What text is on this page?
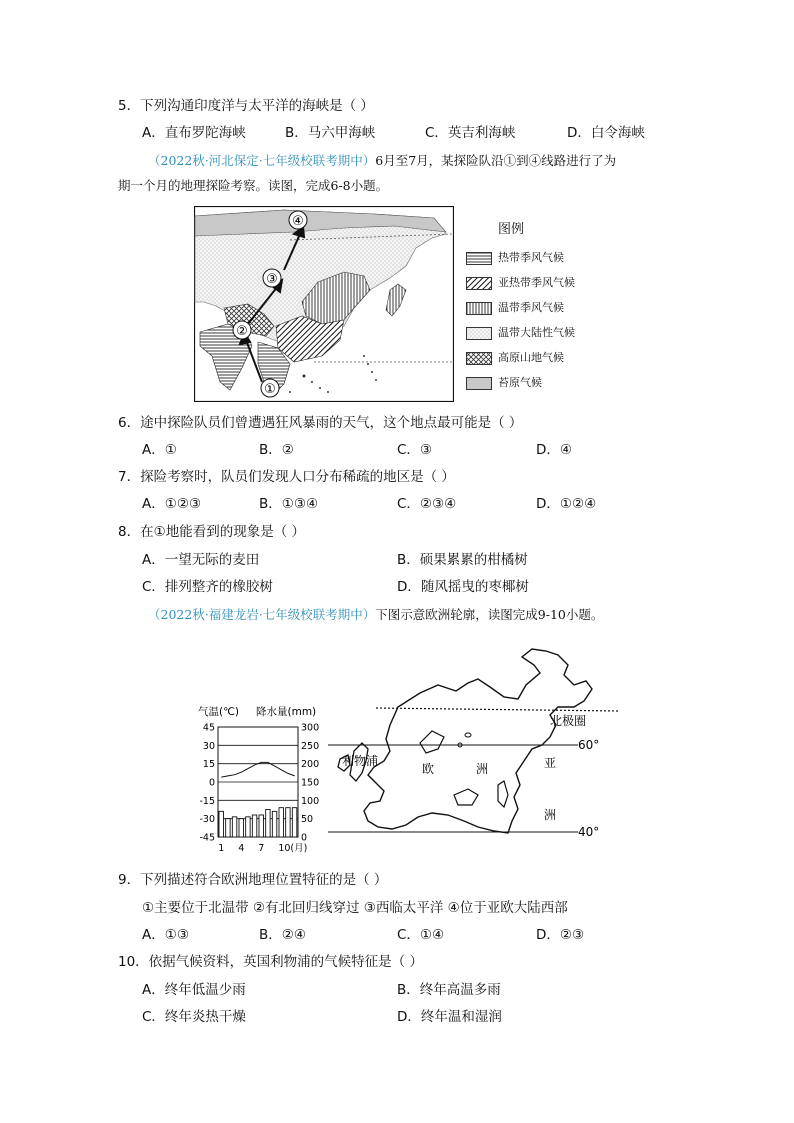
5．下列沟通印度洋与太平洋的海峡是（ ）
A．直布罗陀海峡	B．马六甲海峡	C．英吉利海峡	D．白令海峡
（2022秋·河北保定·七年级校联考期中）6月至7月，某探险队沿①到④线路进行了为
期一个月的地理探险考察。读图，完成6-8小题。
①
②
③
④
图例
热带季风气候
亚热带季风气候
温带季风气候
温带大陆性气候
高原山地气候
苔原气候
6．途中探险队员们曾遭遇狂风暴雨的天气，这个地点最可能是（ ）
A．①	B．②	C．③	D．④
7．探险考察时，队员们发现人口分布稀疏的地区是（ ）
A．①②③	B．①③④	C．②③④	D．①②④
8．在①地能看到的现象是（ ）
A．一望无际的麦田	B．硕果累累的柑橘树
C．排列整齐的橡胶树	D．随风摇曳的枣椰树
（2022秋·福建龙岩·七年级校联考期中）下图示意欧洲轮廓，读图完成9-10小题。
气温(℃) 降水量(mm)
45	300
30	250
15	200
0	150
-15	100
-30	50
-45	0
1 4 7 10(月)
利物浦
欧	洲	亚
洲
北极圈
60°
40°
9．下列描述符合欧洲地理位置特征的是（ ）
①主要位于北温带 ②有北回归线穿过 ③西临太平洋 ④位于亚欧大陆西部
A．①③	B．②④	C．①④	D．②③
10．依据气候资料，英国利物浦的气候特征是（ ）
A．终年低温少雨	B．终年高温多雨
C．终年炎热干燥	D．终年温和湿润
